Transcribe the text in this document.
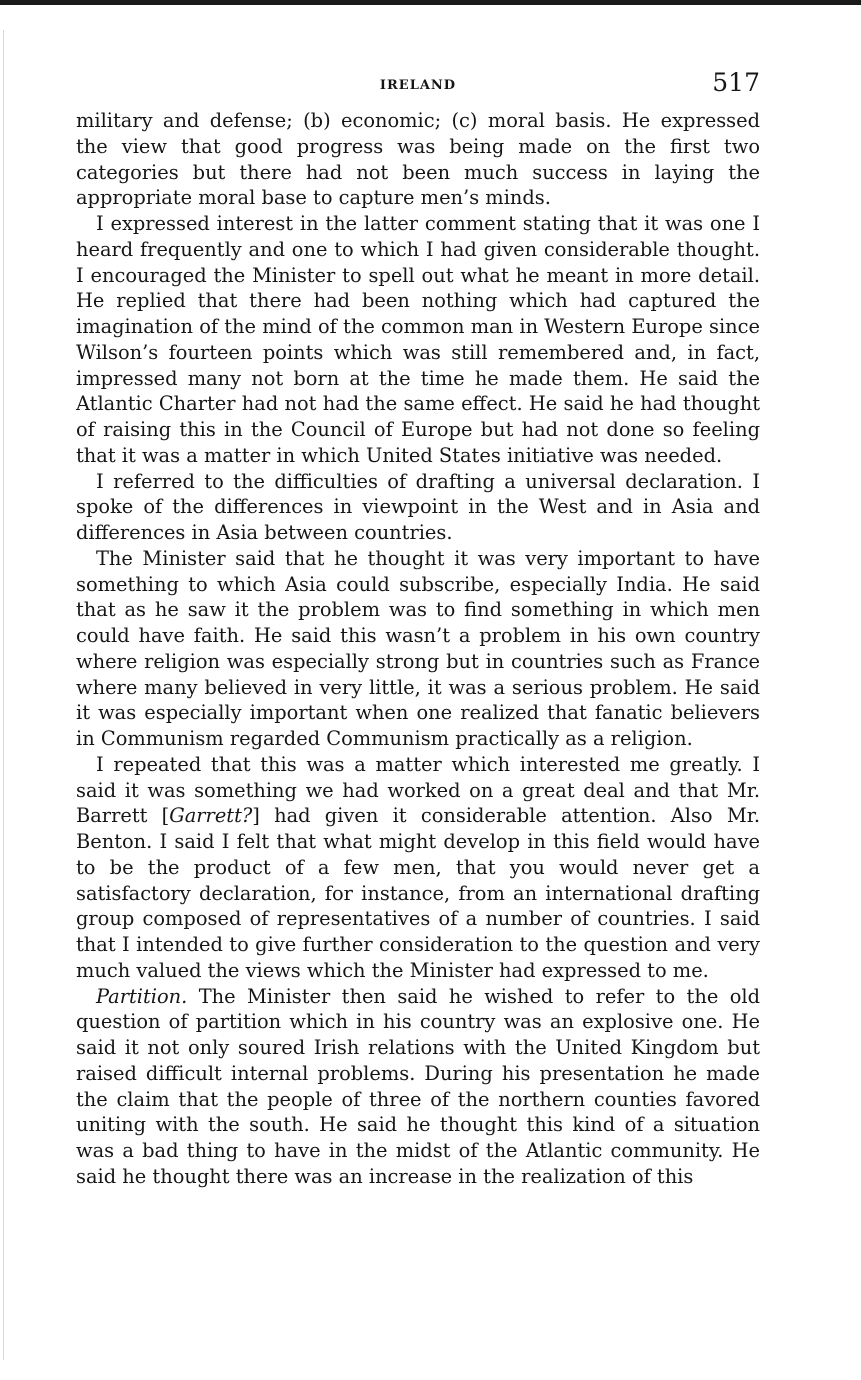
IRELAND	517

military and defense; (b) economic; (c) moral basis. He expressed the view that good progress was being made on the first two categories but there had not been much success in laying the appropriate moral base to capture men’s minds.

I expressed interest in the latter comment stating that it was one I heard frequently and one to which I had given considerable thought. I encouraged the Minister to spell out what he meant in more detail. He replied that there had been nothing which had captured the imagination of the mind of the common man in Western Europe since Wilson’s fourteen points which was still remembered and, in fact, impressed many not born at the time he made them. He said the Atlantic Charter had not had the same effect. He said he had thought of raising this in the Council of Europe but had not done so feeling that it was a matter in which United States initiative was needed.

I referred to the difficulties of drafting a universal declaration. I spoke of the differences in viewpoint in the West and in Asia and differences in Asia between countries.

The Minister said that he thought it was very important to have something to which Asia could subscribe, especially India. He said that as he saw it the problem was to find something in which men could have faith. He said this wasn’t a problem in his own country where religion was especially strong but in countries such as France where many believed in very little, it was a serious problem. He said it was especially important when one realized that fanatic believers in Communism regarded Communism practically as a religion.

I repeated that this was a matter which interested me greatly. I said it was something we had worked on a great deal and that Mr. Barrett [Garrett?] had given it considerable attention. Also Mr. Benton. I said I felt that what might develop in this field would have to be the product of a few men, that you would never get a satisfactory declaration, for instance, from an international drafting group composed of representatives of a number of countries. I said that I intended to give further consideration to the question and very much valued the views which the Minister had expressed to me.

Partition. The Minister then said he wished to refer to the old question of partition which in his country was an explosive one. He said it not only soured Irish relations with the United Kingdom but raised difficult internal problems. During his presentation he made the claim that the people of three of the northern counties favored uniting with the south. He said he thought this kind of a situation was a bad thing to have in the midst of the Atlantic community. He said he thought there was an increase in the realization of this
